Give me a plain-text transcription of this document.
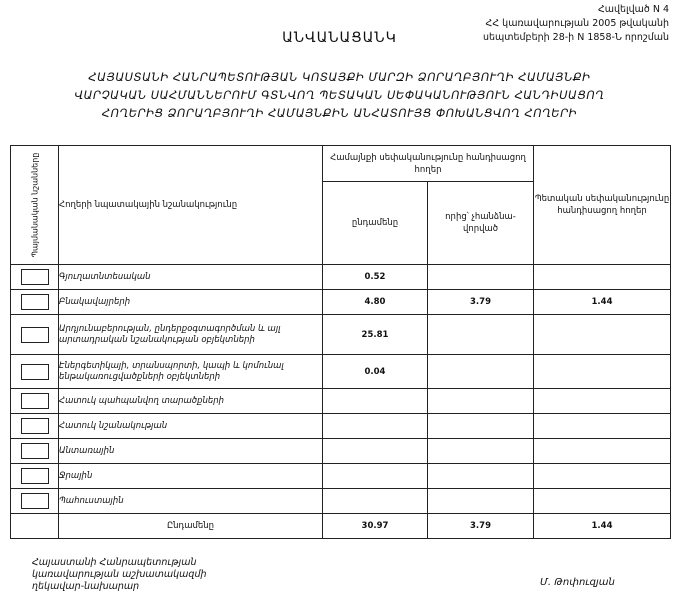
Հավելված N 4
ՀՀ կառավարության 2005 թվականի
սեպտեմբերի 28-ի N 1858-Ն որոշման
ԱՆՎԱՆԱՑԱՆԿ
ՀԱՅԱՍՏԱՆԻ ՀԱՆՐԱՊԵՏՈՒԹՅԱՆ ԿՈՏԱՅՔԻ ՄԱՐԶԻ ՁՈՐԱՂԲՅՈՒՂԻ ՀԱՄԱՅՆՔԻ
ՎԱՐՉԱԿԱՆ ՍԱՀՄԱՆՆԵՐՈՒՄ ԳՏՆՎՈՂ ՊԵՏԱԿԱՆ ՍԵՓԱԿԱՆՈՒԹՅՈՒՆ ՀԱՆԴԻՍԱՑՈՂ
ՀՈՂԵՐԻՑ ՁՈՐԱՂԲՅՈՒՂԻ ՀԱՄԱՅՆՔԻՆ ԱՆՀԱՏՈՒՅՑ ՓՈԽԱՆՑՎՈՂ ՀՈՂԵՐԻ
Պայմանական նշանները	Հողերի նպատակային նշանակությունը	Համայնքի սեփականությունը հանդիսացող հողեր		Պետական սեփականությունը հանդիսացող հողեր
		ընդամենը	որից՝ չհանձնա-վորված	

	Գյուղատնտեսական	0.52		

	Բնակավայրերի	4.80	3.79	1.44

	Արդյունաբերության, ընդերքօգտագործման և այլ արտադրական նշանակության օբյեկտների	25.81		

	Էներգետիկայի, տրանսպորտի, կապի և կոմունալ ենթակառուցվածքների օբյեկտների	0.04		

	Հատուկ պահպանվող տարածքների			

	Հատուկ նշանակության			

	Անտառային			

	Ջրային			

	Պահուստային			
	Ընդամենը	30.97	3.79	1.44
Հայաստանի Հանրապետության
կառավարության աշխատակազմի
ղեկավար-նախարար	Մ. Թոփուզյան
